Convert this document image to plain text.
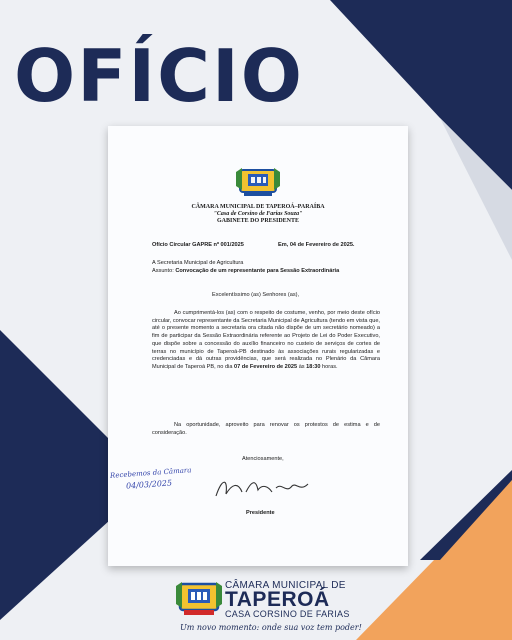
OFÍCIO
CÂMARA MUNICIPAL DE TAPEROÁ–PARAÍBA
"Casa de Corsino de Farias Souza"
GABINETE DO PRESIDENTE
Ofício Circular GAPRE nº 001/2025	Em, 04 de Fevereiro de 2025.
A Secretaria Municipal de Agricultura
Assunto: Convocação de um representante para Sessão Extraordinária
Excelentíssimo (as) Senhores (as),

Ao cumprimentá-los (as) com o respeito de costume, venho, por meio deste ofício circular, convocar representante da Secretaria Municipal de Agricultura (tendo em vista que, até o presente momento a secretaria ora citada não dispõe de um secretário nomeado) a fim de participar da Sessão Extraordinária referente ao Projeto de Lei do Poder Executivo, que dispõe sobre a concessão do auxílio financeiro no custeio de serviços de cortes de terras no município de Taperoá-PB destinado às associações rurais regularizadas e credenciadas e dá outras providências, que será realizada no Plenário da Câmara Municipal de Taperoá PB, no dia 07 de Fevereiro de 2025 às 18:30 horas.

Na oportunidade, aproveito para renovar os protestos de estima e de consideração.

Atenciosamente,
Recebemos da Câmara
04/03/2025
Presidente
CÂMARA MUNICIPAL DE
TAPEROÁ
CASA CORSINO DE FARIAS
Um novo momento: onde sua voz tem poder!
